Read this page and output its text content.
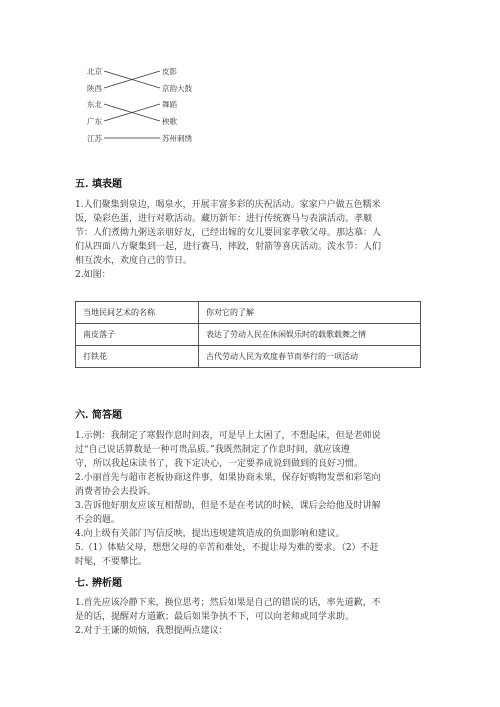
北京
陕西
东北
广东
江苏
皮影
京韵大鼓
舞蹈
秧歌
苏州刺绣
五. 填表题
1.人们聚集到泉边，喝泉水，开展丰富多彩的庆祝活动。家家户户做五色糯米
饭，染彩色蛋，进行对歌活动。藏历新年：进行传统赛马与表演活动。孝顺
节：人们煮拗九粥送亲朋好友，已经出嫁的女儿要回家孝敬父母。那达慕：人
们从四面八方聚集到一起，进行赛马，摔跤，射箭等喜庆活动。泼水节：人们
相互泼水，欢度自己的节日。
2.如图：
当地民间艺术的名称	你对它的了解
南皮落子	表达了劳动人民在休闲娱乐时的载歌载舞之情
打铁花	古代劳动人民为欢度春节而举行的一项活动
六. 简答题
1.示例：我制定了寒假作息时间表，可是早上太困了，不想起床，但是老师说
过“自己说话算数是一种可贵品质。”我既然制定了作息时间，就应该遵
守，所以我起床读书了，我下定决心，一定要养成说到做到的良好习惯。
2.小丽首先与超市老板协商这件事，如果协商未果，保存好购物发票和彩笔向
消费者协会去投诉。
3.告诉他好朋友应该互相帮助，但是不是在考试的时候，课后会给他及时讲解
不会的题。
4.向上级有关部门写信反映，提出违规建筑造成的负面影响和建议。
5.（1）体贴父母，想想父母的辛苦和难处，不提让母为难的要求。（2）不赶
时髦，不要攀比。
七. 辨析题
1.首先应该冷静下来，换位思考；然后如果是自己的错误的话，率先道歉，不
是的话，提醒对方道歉；最后如果争执不下，可以向老师或同学求助。
2.对于王谦的烦恼，我想提两点建议：
